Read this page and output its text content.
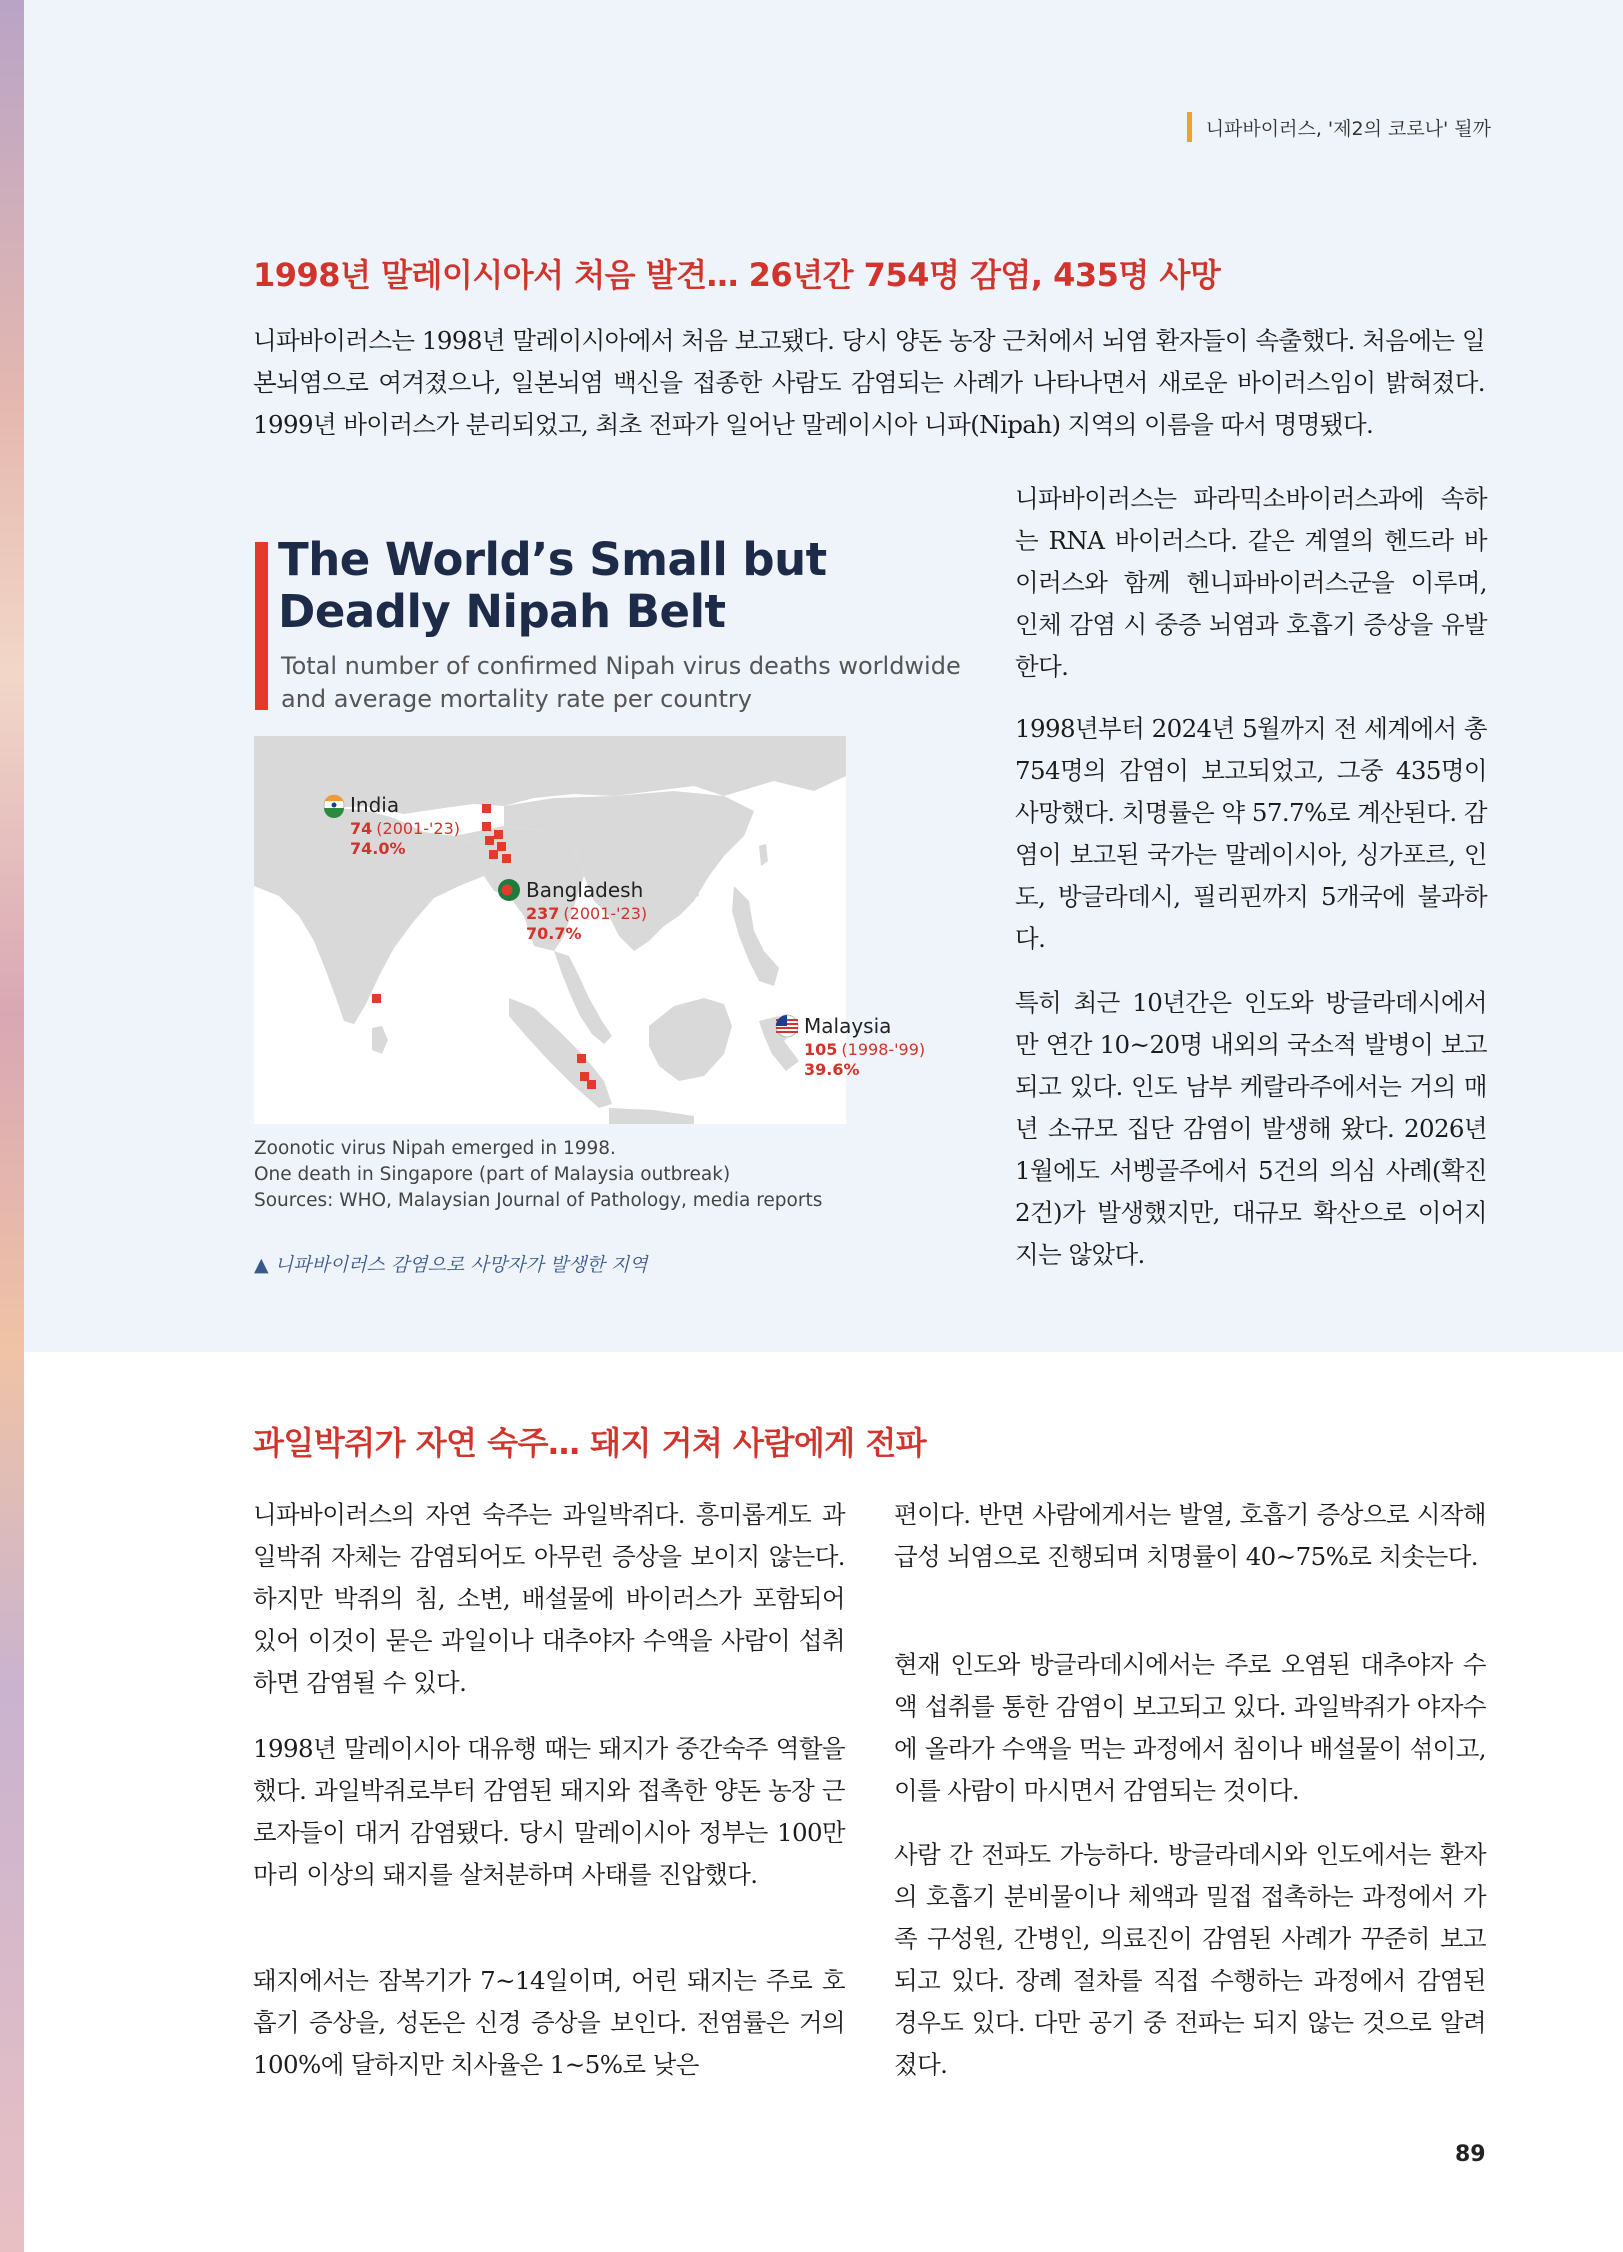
니파바이러스, '제2의 코로나' 될까
1998년 말레이시아서 처음 발견… 26년간 754명 감염, 435명 사망

니파바이러스는 1998년 말레이시아에서 처음 보고됐다. 당시 양돈 농장 근처에서 뇌염 환자들이 속출했다. 처음에는 일본뇌염으로 여겨졌으나, 일본뇌염 백신을 접종한 사람도 감염되는 사례가 나타나면서 새로운 바이러스임이 밝혀졌다. 1999년 바이러스가 분리되었고, 최초 전파가 일어난 말레이시아 니파(Nipah) 지역의 이름을 따서 명명됐다.

니파바이러스는 파라믹소바이러스과에 속하는 RNA 바이러스다. 같은 계열의 헨드라 바이러스와 함께 헨니파바이러스군을 이루며, 인체 감염 시 중증 뇌염과 호흡기 증상을 유발한다.

1998년부터 2024년 5월까지 전 세계에서 총 754명의 감염이 보고되었고, 그중 435명이 사망했다. 치명률은 약 57.7%로 계산된다. 감염이 보고된 국가는 말레이시아, 싱가포르, 인도, 방글라데시, 필리핀까지 5개국에 불과하다.

특히 최근 10년간은 인도와 방글라데시에서만 연간 10~20명 내외의 국소적 발병이 보고되고 있다. 인도 남부 케랄라주에서는 거의 매년 소규모 집단 감염이 발생해 왔다. 2026년 1월에도 서벵골주에서 5건의 의심 사례(확진 2건)가 발생했지만, 대규모 확산으로 이어지지는 않았다.

The World’s Small but
Deadly Nipah Belt

Total number of confirmed Nipah virus deaths worldwide
and average mortality rate per country

India
74 (2001-'23)
74.0%
Bangladesh
237 (2001-'23)
70.7%
Malaysia
105 (1998-'99)
39.6%
Zoonotic virus Nipah emerged in 1998.
One death in Singapore (part of Malaysia outbreak)
Sources: WHO, Malaysian Journal of Pathology, media reports
▲ 니파바이러스 감염으로 사망자가 발생한 지역
과일박쥐가 자연 숙주… 돼지 거쳐 사람에게 전파

니파바이러스의 자연 숙주는 과일박쥐다. 흥미롭게도 과일박쥐 자체는 감염되어도 아무런 증상을 보이지 않는다. 하지만 박쥐의 침, 소변, 배설물에 바이러스가 포함되어 있어 이것이 묻은 과일이나 대추야자 수액을 사람이 섭취하면 감염될 수 있다.

1998년 말레이시아 대유행 때는 돼지가 중간숙주 역할을 했다. 과일박쥐로부터 감염된 돼지와 접촉한 양돈 농장 근로자들이 대거 감염됐다. 당시 말레이시아 정부는 100만 마리 이상의 돼지를 살처분하며 사태를 진압했다.

돼지에서는 잠복기가 7~14일이며, 어린 돼지는 주로 호흡기 증상을, 성돈은 신경 증상을 보인다. 전염률은 거의 100%에 달하지만 치사율은 1~5%로 낮은

편이다. 반면 사람에게서는 발열, 호흡기 증상으로 시작해 급성 뇌염으로 진행되며 치명률이 40~75%로 치솟는다.

현재 인도와 방글라데시에서는 주로 오염된 대추야자 수액 섭취를 통한 감염이 보고되고 있다. 과일박쥐가 야자수에 올라가 수액을 먹는 과정에서 침이나 배설물이 섞이고, 이를 사람이 마시면서 감염되는 것이다.

사람 간 전파도 가능하다. 방글라데시와 인도에서는 환자의 호흡기 분비물이나 체액과 밀접 접촉하는 과정에서 가족 구성원, 간병인, 의료진이 감염된 사례가 꾸준히 보고되고 있다. 장례 절차를 직접 수행하는 과정에서 감염된 경우도 있다. 다만 공기 중 전파는 되지 않는 것으로 알려졌다.

89
